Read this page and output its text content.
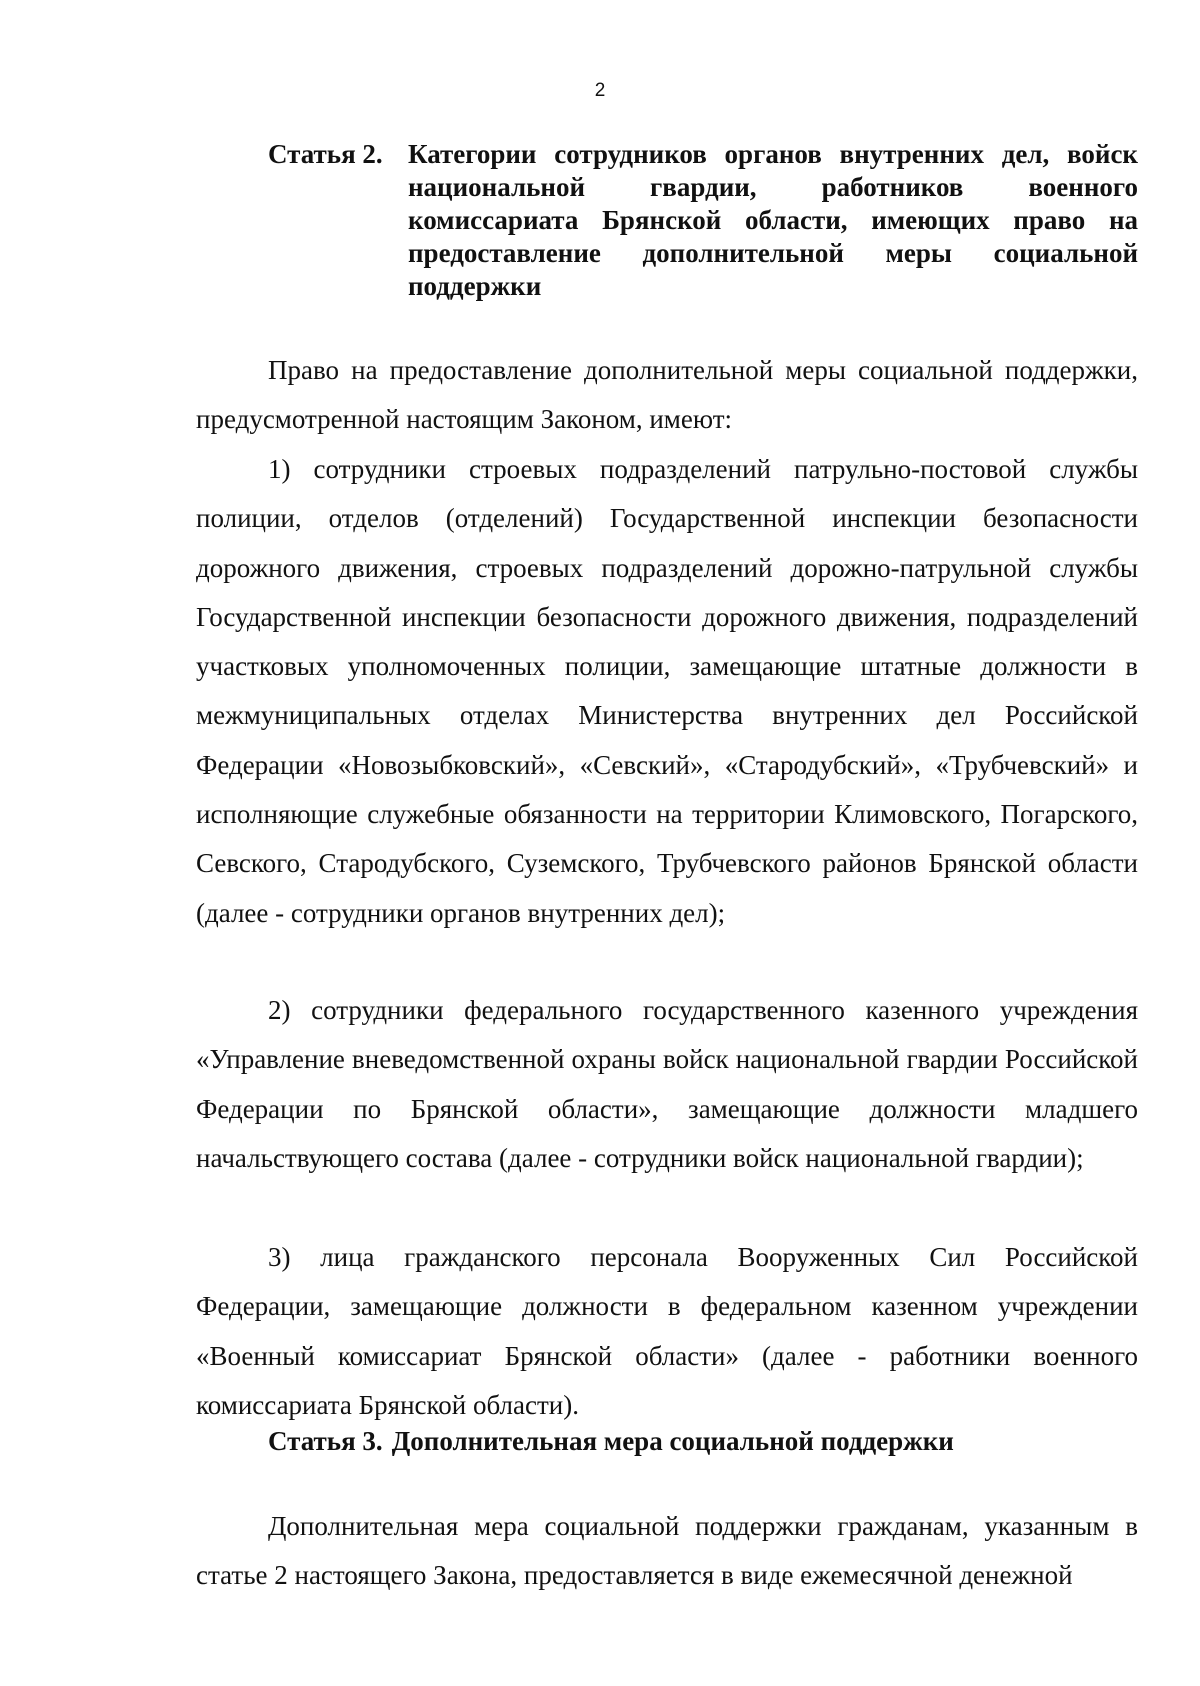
2
Статья 2. Категории сотрудников органов внутренних дел, войск национальной гвардии, работников военного комиссариата Брянской области, имеющих право на предоставление дополнительной меры социальной поддержки

Право на предоставление дополнительной меры социальной поддержки, предусмотренной настоящим Законом, имеют:

1) сотрудники строевых подразделений патрульно-постовой службы полиции, отделов (отделений) Государственной инспекции безопасности дорожного движения, строевых подразделений дорожно-патрульной службы Государственной инспекции безопасности дорожного движения, подразделений участковых уполномоченных полиции, замещающие штатные должности в межмуниципальных отделах Министерства внутренних дел Российской Федерации «Новозыбковский», «Севский», «Стародубский», «Трубчевский» и исполняющие служебные обязанности на территории Климовского, Погарского, Севского, Стародубского, Суземского, Трубчевского районов Брянской области (далее - сотрудники органов внутренних дел);

2) сотрудники федерального государственного казенного учреждения «Управление вневедомственной охраны войск национальной гвардии Российской Федерации по Брянской области», замещающие должности младшего начальствующего состава (далее - сотрудники войск национальной гвардии);

3) лица гражданского персонала Вооруженных Сил Российской Федерации, замещающие должности в федеральном казенном учреждении «Военный комиссариат Брянской области» (далее - работники военного комиссариата Брянской области).

Статья 3. Дополнительная мера социальной поддержки

Дополнительная мера социальной поддержки гражданам, указанным в статье 2 настоящего Закона, предоставляется в виде ежемесячной денежной
